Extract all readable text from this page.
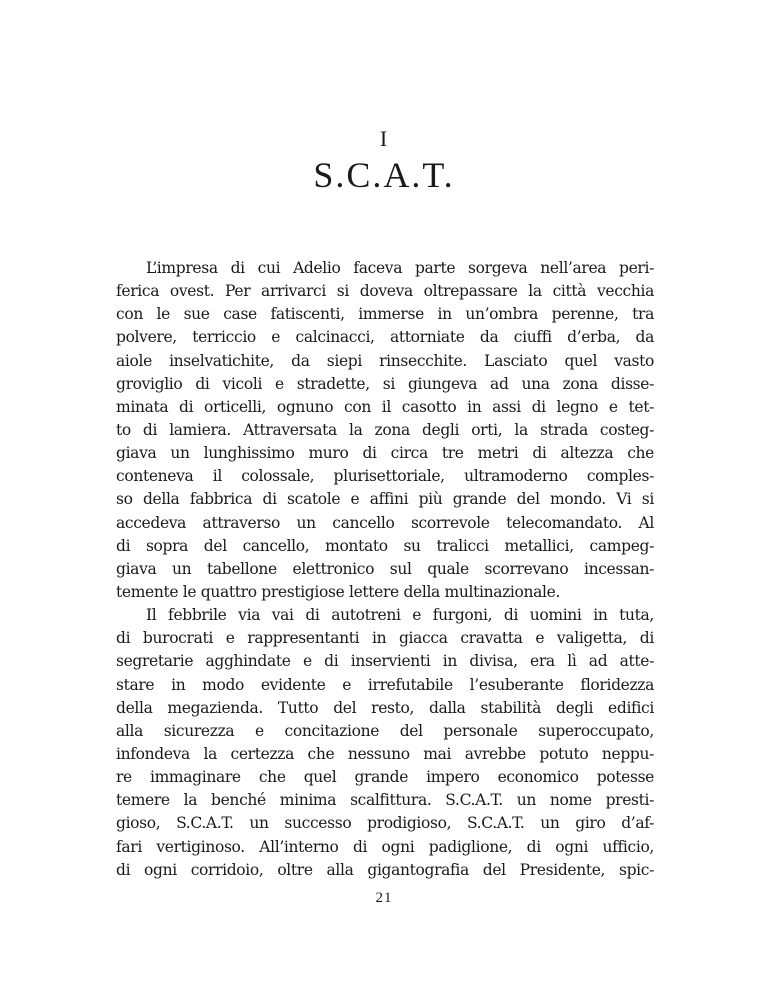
I
S.C.A.T.
L’impresa di cui Adelio faceva parte sorgeva nell’area peri-
ferica ovest. Per arrivarci si doveva oltrepassare la città vecchia
con le sue case fatiscenti, immerse in un’ombra perenne, tra
polvere, terriccio e calcinacci, attorniate da ciuffi d’erba, da
aiole inselvatichite, da siepi rinsecchite. Lasciato quel vasto
groviglio di vicoli e stradette, si giungeva ad una zona disse-
minata di orticelli, ognuno con il casotto in assi di legno e tet-
to di lamiera. Attraversata la zona degli orti, la strada costeg-
giava un lunghissimo muro di circa tre metri di altezza che
conteneva il colossale, plurisettoriale, ultramoderno comples-
so della fabbrica di scatole e affini più grande del mondo. Vi si
accedeva attraverso un cancello scorrevole telecomandato. Al
di sopra del cancello, montato su tralicci metallici, campeg-
giava un tabellone elettronico sul quale scorrevano incessan-
temente le quattro prestigiose lettere della multinazionale.
Il febbrile via vai di autotreni e furgoni, di uomini in tuta,
di burocrati e rappresentanti in giacca cravatta e valigetta, di
segretarie agghindate e di inservienti in divisa, era lì ad atte-
stare in modo evidente e irrefutabile l’esuberante floridezza
della megazienda. Tutto del resto, dalla stabilità degli edifici
alla sicurezza e concitazione del personale superoccupato,
infondeva la certezza che nessuno mai avrebbe potuto neppu-
re immaginare che quel grande impero economico potesse
temere la benché minima scalfittura. S.C.A.T. un nome presti-
gioso, S.C.A.T. un successo prodigioso, S.C.A.T. un giro d’af-
fari vertiginoso. All’interno di ogni padiglione, di ogni ufficio,
di ogni corridoio, oltre alla gigantografia del Presidente, spic-
21
